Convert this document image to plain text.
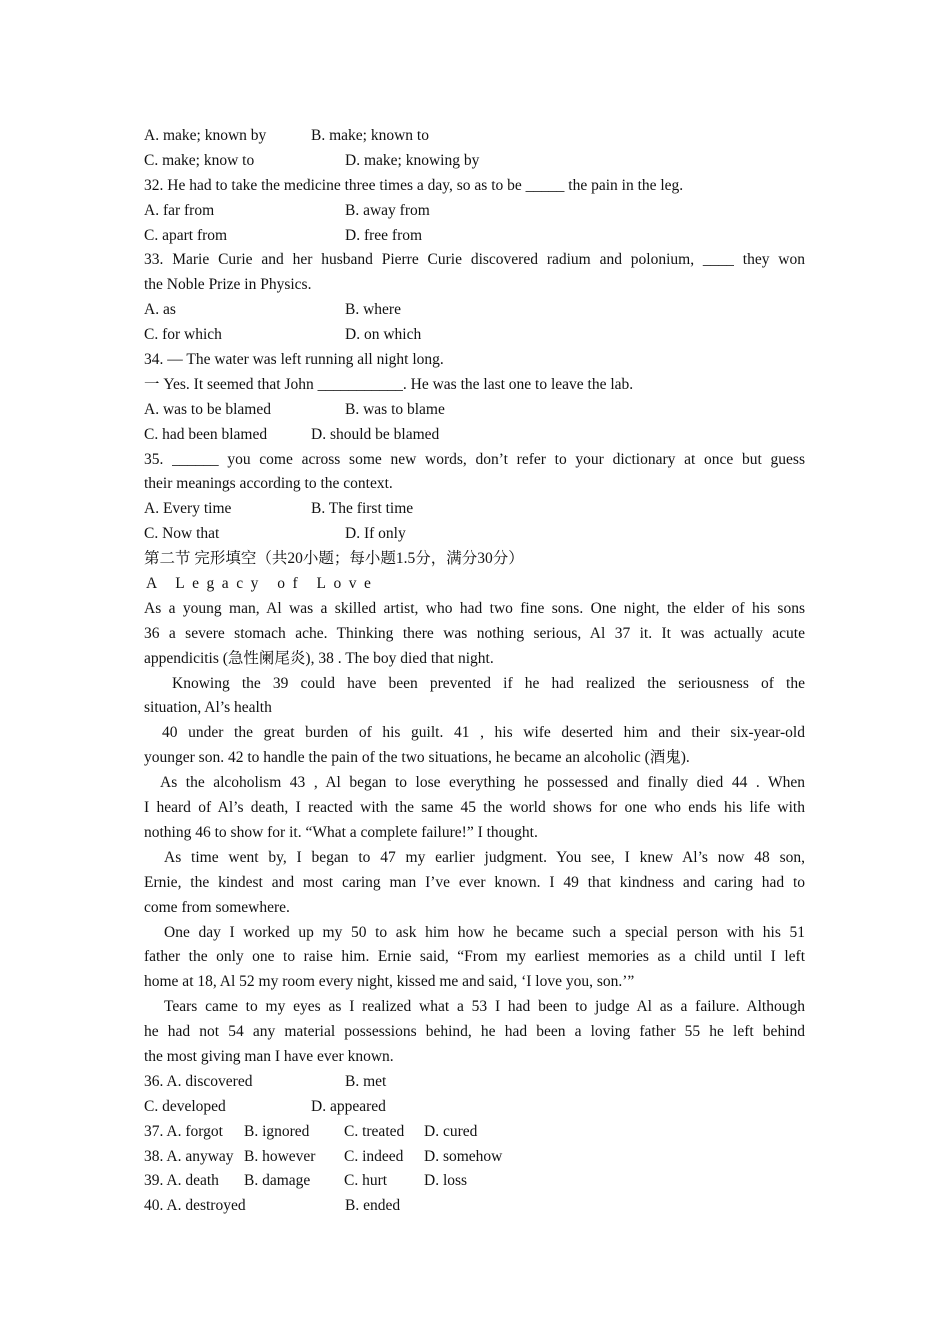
A. make; known by	B. make; known to
C. make; know to	D. make; knowing by
32. He had to take the medicine three times a day, so as to be _____ the pain in the leg.
A. far from	B. away from
C. apart from	D. free from
33. Marie Curie and her husband Pierre Curie discovered radium and polonium, ____ they won
the Noble Prize in Physics.
A. as	B. where
C. for which	D. on which
34. — The water was left running all night long.
一 Yes. It seemed that John ___________. He was the last one to leave the lab.
A. was to be blamed	B. was to blame
C. had been blamed	D. should be blamed
35. ______ you come across some new words, don’t refer to your dictionary at once but guess
their meanings according to the context.
A. Every time	B. The first time
C. Now that	D. If only
第二节 完形填空（共20小题；每小题1.5分，满分30分）
A Legacy of Love
As a young man, Al was a skilled artist, who had two fine sons. One night, the elder of his sons
36 a severe stomach ache. Thinking there was nothing serious, Al 37 it. It was actually acute
appendicitis (急性阑尾炎), 38 . The boy died that night.
Knowing the 39 could have been prevented if he had realized the seriousness of the
situation, Al’s health
40 under the great burden of his guilt. 41 , his wife deserted him and their six-year-old
younger son. 42 to handle the pain of the two situations, he became an alcoholic (酒鬼).
As the alcoholism 43 , Al began to lose everything he possessed and finally died 44 . When
I heard of Al’s death, I reacted with the same 45 the world shows for one who ends his life with
nothing 46 to show for it. “What a complete failure!” I thought.
As time went by, I began to 47 my earlier judgment. You see, I knew Al’s now 48 son,
Ernie, the kindest and most caring man I’ve ever known. I 49 that kindness and caring had to
come from somewhere.
One day I worked up my 50 to ask him how he became such a special person with his 51
father the only one to raise him. Ernie said, “From my earliest memories as a child until I left
home at 18, Al 52 my room every night, kissed me and said, ‘I love you, son.’”
Tears came to my eyes as I realized what a 53 I had been to judge Al as a failure. Although
he had not 54 any material possessions behind, he had been a loving father 55 he left behind
the most giving man I have ever known.
36. A. discovered	B. met
C. developed	D. appeared
37. A. forgot	B. ignored	C. treated	D. cured
38. A. anyway B. however	C. indeed	D. somehow
39. A. death	B. damage	C. hurt	D. loss
40. A. destroyed	B. ended
